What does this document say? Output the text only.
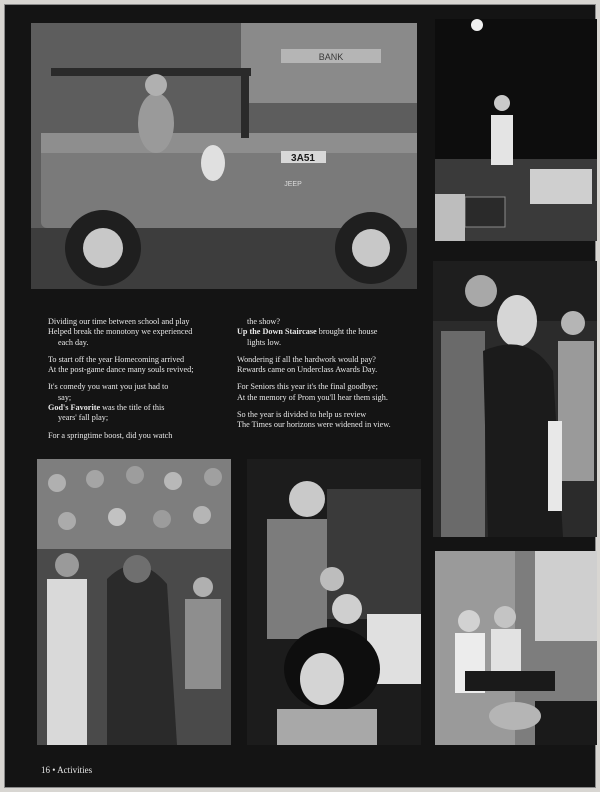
BANK
3A51
JEEP

Dividing our time between school and play
Helped break the monotony we experienced
each day.

To start off the year Homecoming arrived
At the post-game dance many souls revived;

It's comedy you want you just had to
say;
God's Favorite was the title of this
years' fall play;

For a springtime boost, did you watch

the show?
Up the Down Staircase brought the house
lights low.

Wondering if all the hardwork would pay?
Rewards came on Underclass Awards Day.

For Seniors this year it's the final goodbye;
At the memory of Prom you'll hear them sigh.

So the year is divided to help us review
The Times our horizons were widened in view.

16 • Activities
